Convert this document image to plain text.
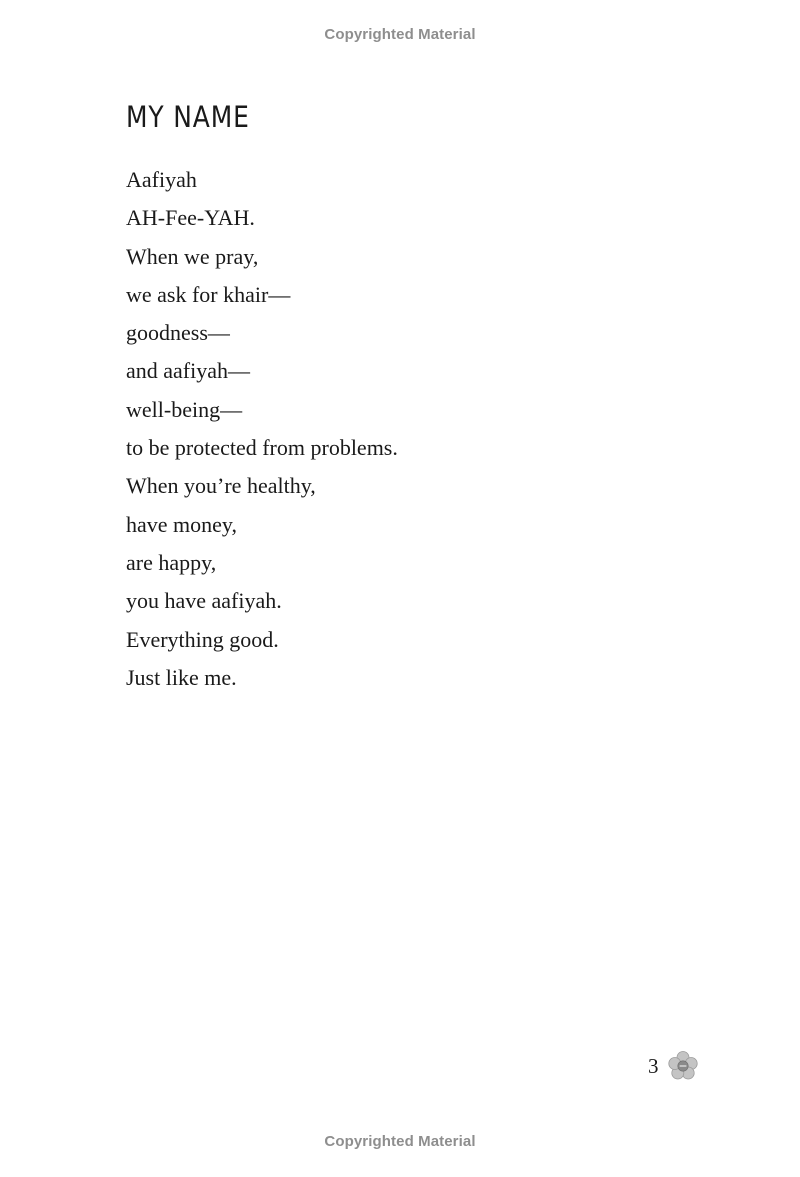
Copyrighted Material
MY NAME
Aafiyah
AH-Fee-YAH.
When we pray,
we ask for khair—
goodness—
and aafiyah—
well-being—
to be protected from problems.
When you’re healthy,
have money,
are happy,
you have aafiyah.
Everything good.
Just like me.
3
Copyrighted Material
